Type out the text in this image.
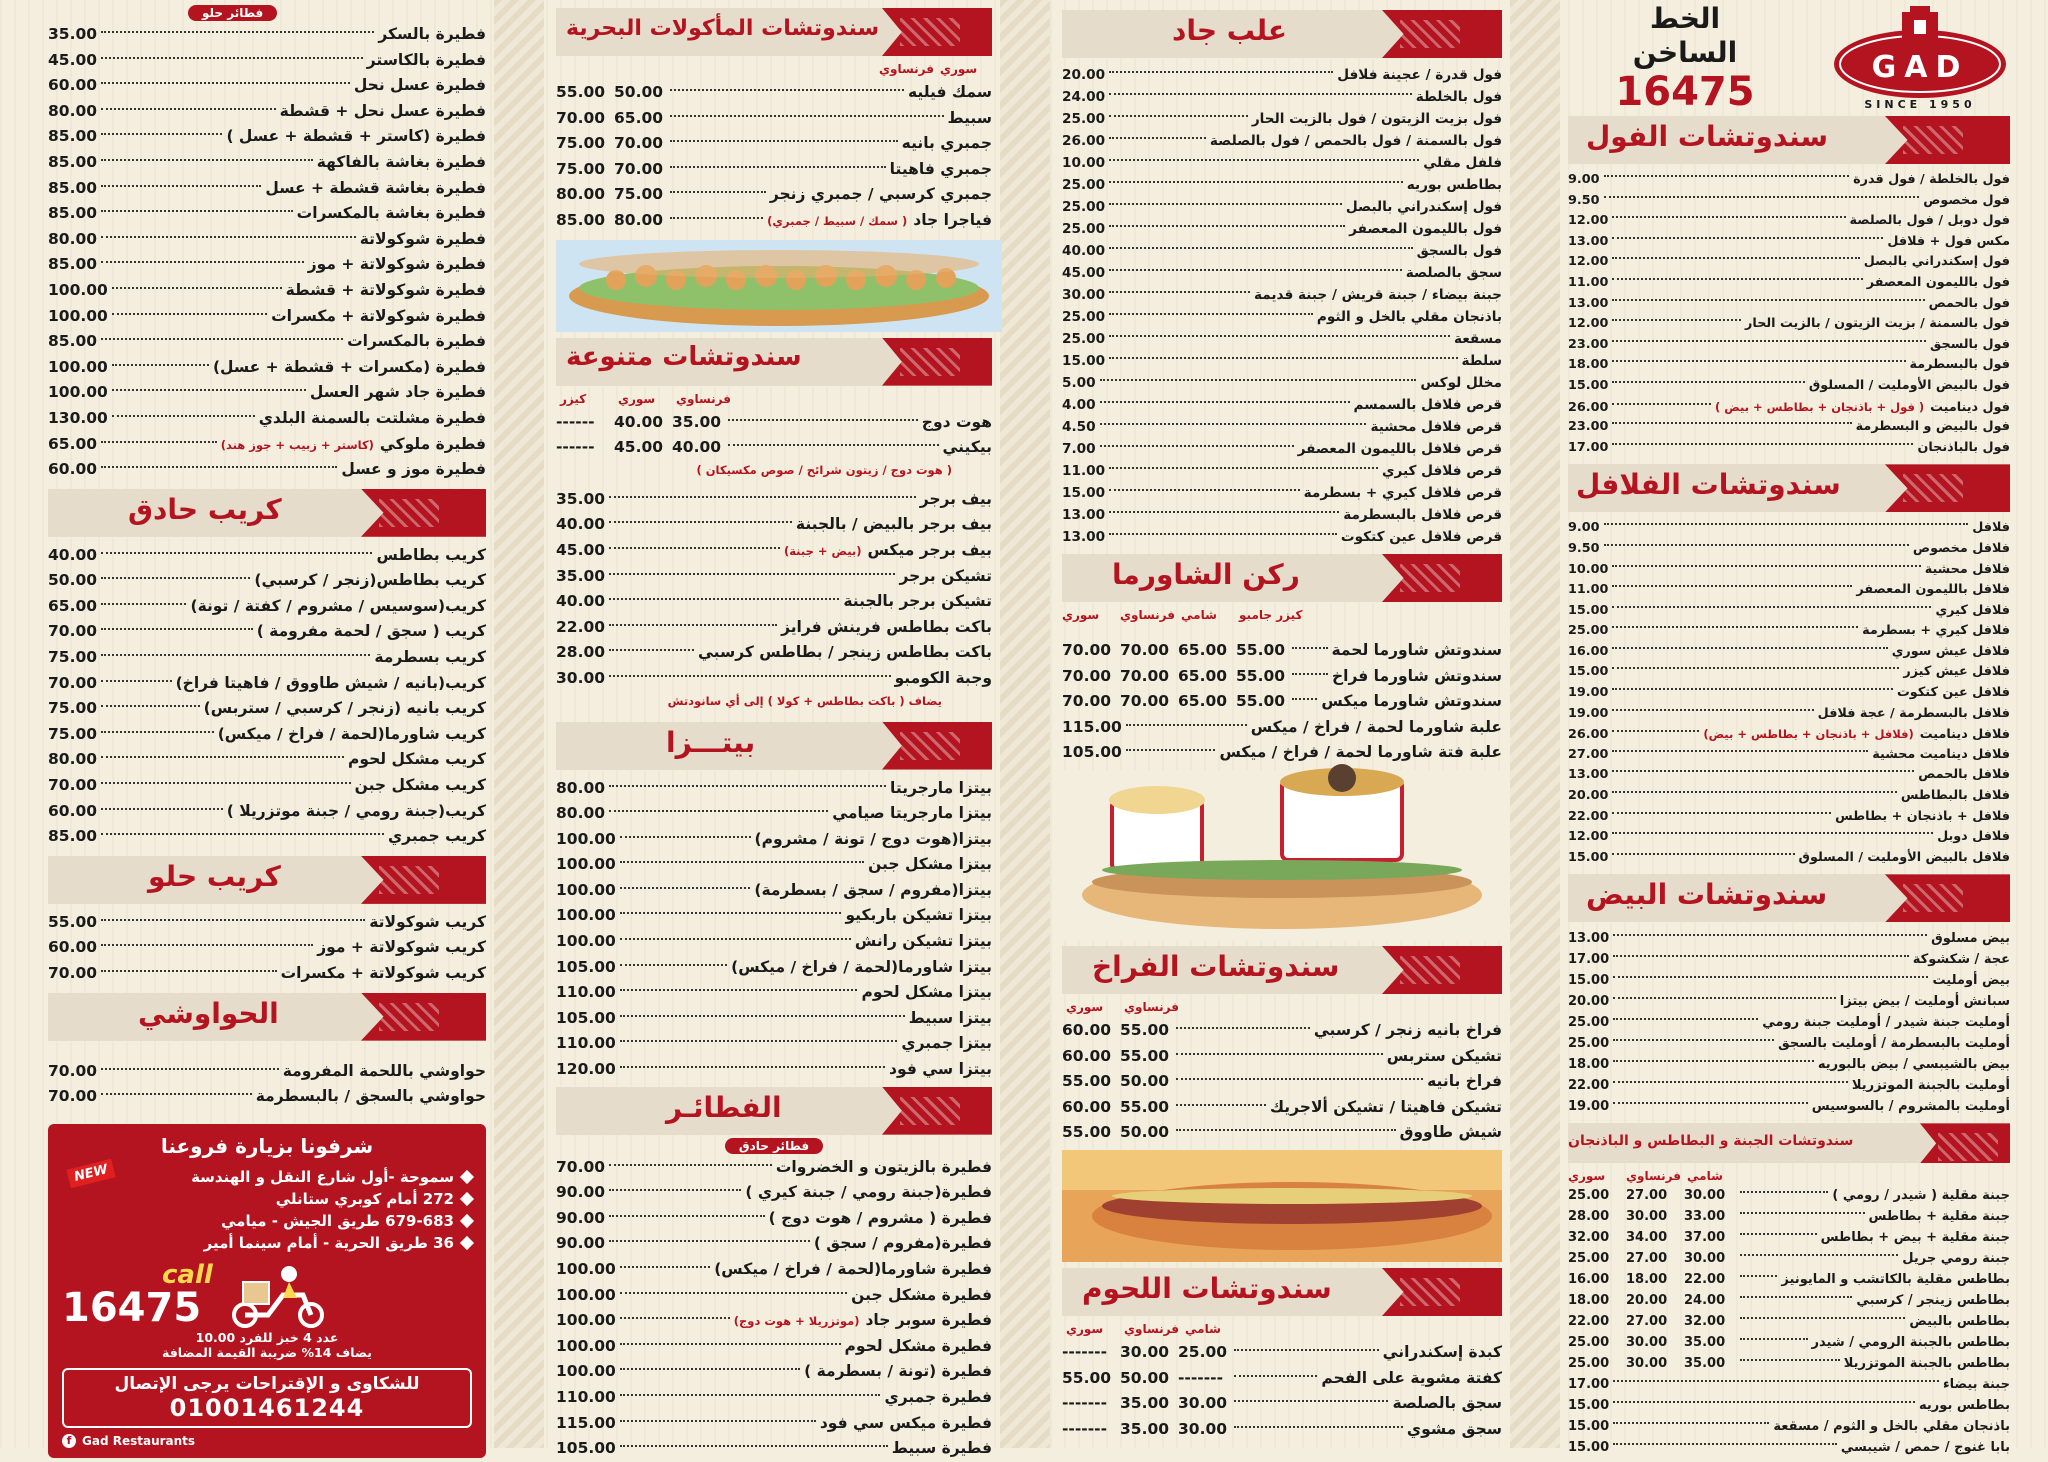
فطائر حلو
فطيرة بالسكر
35.00
فطيرة بالكاستر
45.00
فطيرة عسل نحل
60.00
فطيرة عسل نحل + قشطة
80.00
فطيرة (كاستر + قشطة + عسل )
85.00
فطيرة بغاشة بالفاكهة
85.00
فطيرة بغاشة قشطة + عسل
85.00
فطيرة بغاشة بالمكسرات
85.00
فطيرة شوكولاتة
80.00
فطيرة شوكولاتة + موز
85.00
فطيرة شوكولاتة + قشطة
100.00
فطيرة شوكولاتة + مكسرات
100.00
فطيرة بالمكسرات
85.00
فطيرة (مكسرات + قشطة + عسل)
100.00
فطيرة جاد شهر العسل
100.00
فطيرة مشلتت بالسمنة البلدي
130.00
فطيرة ملوكي
(كاستر + زبيب + جوز هند)
65.00
فطيرة موز و عسل
60.00
كريب حادق
كريب بطاطس
40.00
كريب بطاطس(زنجر / كرسبي)
50.00
كريب(سوسيس / مشروم / كفتة / تونة)
65.00
كريب ( سجق / لحمة مفرومة )
70.00
كريب بسطرمة
75.00
كريب(بانيه / شيش طاووق / فاهيتا فراخ)
70.00
كريب بانيه (زنجر / كرسبي / ستربس)
75.00
كريب شاورما(لحمة / فراخ / ميكس)
75.00
كريب مشكل لحوم
80.00
كريب مشكل جبن
70.00
كريب(جبنة رومي / جبنة موتزريلا )
60.00
كريب جمبري
85.00
كريب حلو
كريب شوكولاتة
55.00
كريب شوكولاتة + موز
60.00
كريب شوكولاتة + مكسرات
70.00
الحواوشي
حواوشي باللحمة المفرومة
70.00
حواوشي بالسجق / بالبسطرمة
70.00
شرفونا بزيارة فروعنا
NEW	سموحة -أول شارع النقل و الهندسة
272 أمام كوبري ستانلي
679-683 طريق الجيش - ميامي
36 طريق الحرية - أمام سينما أمير
call
16475
عدد 4 خبز للفرد 10.00
يضاف 14% ضريبة القيمة المضافة
للشكاوى و الإقتراحات يرجى الإتصال
01001461244
f Gad Restaurants
سندوتشات المأكولات البحرية
فرنساوي سوري
سمك فيليه
50.00
55.00
سبيط
65.00
70.00
جمبري بانيه
70.00
75.00
جمبري فاهيتا
70.00
75.00
جمبري كرسبي / جمبري زنجر
75.00
80.00
فياجرا جاد
( سمك / سبيط / جمبري)
80.00
85.00
سندوتشات متنوعة
فرنساوي
سوري
كيزر
هوت دوج
35.00
40.00
------
بيكيني
40.00
45.00
------
( هوت دوج / زيتون شرائح / صوص مكسيكان )
بيف برجر
35.00
بيف برجر بالبيض / بالجبنة
40.00
بيف برجر ميكس
(بيض + جبنة)
45.00
تشيكن برجر
35.00
تشيكن برجر بالجبنة
40.00
باكت بطاطس فرينش فرايز
22.00
باكت بطاطس زينجر / بطاطس كرسبي
28.00
وجبة الكومبو
30.00
يضاف ( باكت بطاطس + كولا ) إلى أي سانودتش
بيتـــزا
بيتزا مارجريتا
80.00
بيتزا مارجريتا صيامي
80.00
بيتزا(هوت دوج / تونة / مشروم)
100.00
بيتزا مشكل جبن
100.00
بيتزا(مفروم / سجق / بسطرمة)
100.00
بيتزا تشيكن باربكيو
100.00
بيتزا تشيكن رانش
100.00
بيتزا شاورما(لحمة / فراخ / ميكس)
105.00
بيتزا مشكل لحوم
110.00
بيتزا سبيط
105.00
بيتزا جمبري
110.00
بيتزا سي فود
120.00
الفطائـر
فطائر حادق
فطيرة بالزيتون و الخضروات
70.00
فطيرة(جبنة رومي / جبنة كيري )
90.00
فطيرة ( مشروم / هوت دوج )
90.00
فطيرة(مفروم / سجق )
90.00
فطيرة شاورما(لحمة / فراخ / ميكس)
100.00
فطيرة مشكل جبن
100.00
فطيرة سوبر جاد
(موتزريلا + هوت دوج)
100.00
فطيرة مشكل لحوم
100.00
فطيرة (تونة / بسطرمة )
100.00
فطيرة جمبري
110.00
فطيرة ميكس سي فود
115.00
فطيرة سبيط
105.00
علب جاد
فول قدرة / عجينة فلافل
20.00
فول بالخلطة
24.00
فول بزيت الزيتون / فول بالزيت الحار
25.00
فول بالسمنة / فول بالحمص / فول بالصلصة
26.00
فلفل مقلي
10.00
بطاطس بوريه
25.00
فول إسكندراني بالبصل
25.00
فول بالليمون المعصفر
25.00
فول بالسجق
40.00
سجق بالصلصة
45.00
جبنة بيضاء / جبنة قريش / جبنة قديمة
30.00
باذنجان مقلي بالخل و الثوم
25.00
مسقعة
25.00
سلطة
15.00
مخلل لوكس
5.00
قرص فلافل بالسمسم
4.00
قرص فلافل محشية
4.50
قرص فلافل بالليمون المعصفر
7.00
قرص فلافل كيري
11.00
قرص فلافل كيري + بسطرمة
15.00
قرص فلافل بالبسطرمة
13.00
قرص فلافل عين كتكوت
13.00
ركن الشاورما
كيزر جامبو
شامي
فرنساوي
سوري
سندوتش شاورما لحمة
55.00
65.00
70.00
70.00
سندوتش شاورما فراخ
55.00
65.00
70.00
70.00
سندوتش شاورما ميكس
55.00
65.00
70.00
70.00
علبة شاورما لحمة / فراخ / ميكس
115.00
علبة فتة شاورما لحمة / فراخ / ميكس
105.00
سندوتشات الفراخ
فرنساوي
سوري
فراخ بانيه زنجر / كرسبي
55.00
60.00
تشيكن ستربس
55.00
60.00
فراخ بانيه
50.00
55.00
تشيكن فاهيتا / تشيكن ألاجريك
55.00
60.00
شيش طاووق
50.00
55.00
سندوتشات اللحوم
شامي
فرنساوي
سوري
كبدة إسكندراني
25.00
30.00
-------
كفتة مشوية على الفحم
-------
50.00
55.00
سجق بالصلصة
30.00
35.00
-------
سجق مشوي
30.00
35.00
-------
الخط
الساخن
16475
GAD
SINCE 1950
سندوتشات الفول
فول بالخلطة / فول قدرة
9.00
فول مخصوص
9.50
فول دوبل / فول بالصلصة
12.00
مكس فول + فلافل
13.00
فول إسكندراني بالبصل
12.00
فول بالليمون المعصفر
11.00
فول بالحمص
13.00
فول بالسمنة / بزيت الزيتون / بالزيت الحار
12.00
فول بالسجق
23.00
فول بالبسطرمة
18.00
فول بالبيض الأومليت / المسلوق
15.00
فول ديناميت
( فول + باذنجان + بطاطس + بيض )
26.00
فول بالبيض و البسطرمة
23.00
فول بالباذنجان
17.00
سندوتشات الفلافل
فلافل
9.00
فلافل مخصوص
9.50
فلافل محشية
10.00
فلافل بالليمون المعصفر
11.00
فلافل كيري
15.00
فلافل كيري + بسطرمة
25.00
فلافل عيش سوري
16.00
فلافل عيش كيزر
15.00
فلافل عين كتكوت
19.00
فلافل بالبسطرمة / عجة فلافل
19.00
فلافل ديناميت
(فلافل + باذنجان + بطاطس + بيض)
26.00
فلافل ديناميت محشية
27.00
فلافل بالحمص
13.00
فلافل بالبطاطس
20.00
فلافل + باذنجان + بطاطس
22.00
فلافل دوبل
12.00
فلافل بالبيض الأومليت / المسلوق
15.00
سندوتشات البيض
بيض مسلوق
13.00
عجة / شكشوكة
17.00
بيض أومليت
15.00
سبانش أومليت / بيض بيتزا
20.00
أومليت جبنة شيدر / أومليت جبنة رومي
25.00
أومليت بالبسطرمة / أومليت بالسجق
25.00
بيض بالشيبسي / بيض بالبوريه
18.00
أومليت بالجبنة الموتزريلا
22.00
أومليت بالمشروم / بالسوسيس
19.00
سندوتشات الجبنة و البطاطس و الباذنجان
سوري	فرنساوي شامي
جبنة مقلية ( شيدر / رومي )
30.00
27.00
25.00
جبنة مقلية + بطاطس
33.00
30.00
28.00
جبنة مقلية + بيض + بطاطس
37.00
34.00
32.00
جبنة رومي جريل
30.00
27.00
25.00
بطاطس مقلية بالكاتشب و المايونيز
22.00
18.00
16.00
بطاطس زينجر / كرسبي
24.00
20.00
18.00
بطاطس بالبيض
32.00
27.00
22.00
بطاطس بالجبنة الرومي / شيدر
35.00
30.00
25.00
بطاطس بالجبنة الموتزريلا
35.00
30.00
25.00
جبنة بيضاء
17.00
بطاطس بوريه
15.00
باذنجان مقلي بالخل و الثوم / مسقعة
15.00
بابا غنوج / حمص / شيبسي
15.00
